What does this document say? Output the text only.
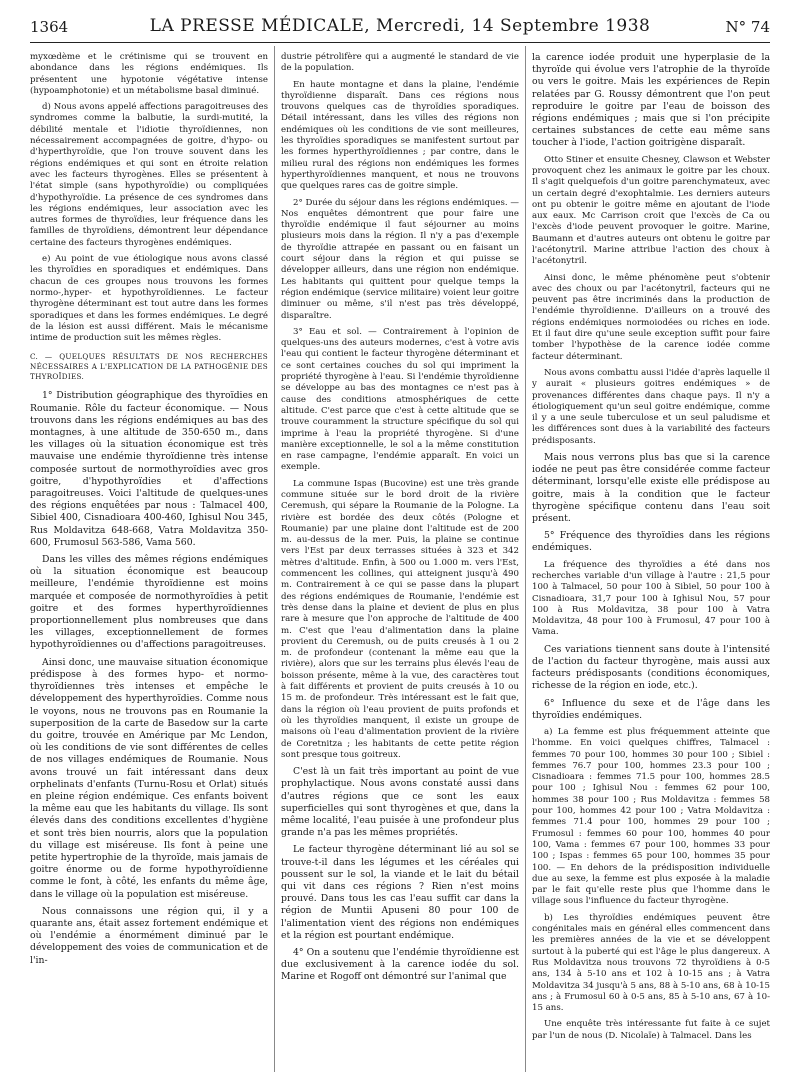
1364	LA PRESSE MÉDICALE, Mercredi, 14 Septembre 1938	N° 74

myxœdème et le crétinisme qui se trouvent en abondance dans les régions endémiques. Ils présentent une hypotonie végétative intense (hypoamphotonie) et un métabolisme basal diminué.

d) Nous avons appelé affections paragoitreuses des syndromes comme la balbutie, la surdi-mutité, la débilité mentale et l'idiotie thyroïdiennes, non nécessairement accompagnées de goitre, d'hypo- ou d'hyperthyroïdie, que l'on trouve souvent dans les régions endémiques et qui sont en étroite relation avec les facteurs thyrogènes. Elles se présentent à l'état simple (sans hypothyroïdie) ou compliquées d'hypothyroïdie. La présence de ces syndromes dans les régions endémiques, leur association avec les autres formes de thyroïdies, leur fréquence dans les familles de thyroïdiens, démontrent leur dépendance certaine des facteurs thyrogènes endémiques.

e) Au point de vue étiologique nous avons classé les thyroïdies en sporadiques et endémiques. Dans chacun de ces groupes nous trouvons les formes normo-,hyper- et hypothyroïdiennes. Le facteur thyrogène déterminant est tout autre dans les formes sporadiques et dans les formes endémiques. Le degré de la lésion est aussi différent. Mais le mécanisme intime de production suit les mêmes règles.

C. — QUELQUES RÉSULTATS DE NOS RECHERCHES NÉCESSAIRES A L'EXPLICATION DE LA PATHOGÉNIE DES THYROÏDIES.

1° Distribution géographique des thyroïdies en Roumanie. Rôle du facteur économique. — Nous trouvons dans les régions endémiques au bas des montagnes, à une altitude de 350-650 m., dans les villages où la situation économique est très mauvaise une endémie thyroïdienne très intense composée surtout de normothyroïdies avec gros goitre, d'hypothyroïdies et d'affections paragoitreuses. Voici l'altitude de quelques-unes des régions enquêtées par nous : Talmacel 400, Sibiel 400, Cisnadioara 400-460, Ighisul Nou 345, Rus Moldavitza 648-668, Vatra Moldavitza 350-600, Frumosul 563-586, Vama 560.

Dans les villes des mêmes régions endémiques où la situation économique est beaucoup meilleure, l'endémie thyroïdienne est moins marquée et composée de normothyroïdies à petit goitre et des formes hyperthyroïdiennes proportionnellement plus nombreuses que dans les villages, exceptionnellement de formes hypothyroïdiennes ou d'affections paragoitreuses.

Ainsi donc, une mauvaise situation économique prédispose à des formes hypo- et normo-thyroïdiennes très intenses et empêche le développement des hyperthyroïdies. Comme nous le voyons, nous ne trouvons pas en Roumanie la superposition de la carte de Basedow sur la carte du goitre, trouvée en Amérique par Mc Lendon, où les conditions de vie sont différentes de celles de nos villages endémiques de Roumanie. Nous avons trouvé un fait intéressant dans deux orphelinats d'enfants (Turnu-Rosu et Orlat) situés en pleine région endémique. Ces enfants boivent la même eau que les habitants du village. Ils sont élevés dans des conditions excellentes d'hygiène et sont très bien nourris, alors que la population du village est miséreuse. Ils font à peine une petite hypertrophie de la thyroïde, mais jamais de goitre énorme ou de forme hypothyroïdienne comme le font, à côté, les enfants du même âge, dans le village où la population est miséreuse.

Nous connaissons une région qui, il y a quarante ans, était assez fortement endémique et où l'endémie a énormément diminué par le développement des voies de communication et de l'in-

dustrie pétrolifère qui a augmenté le standard de vie de la population.

En haute montagne et dans la plaine, l'endémie thyroïdienne disparaît. Dans ces régions nous trouvons quelques cas de thyroïdies sporadiques. Détail intéressant, dans les villes des régions non endémiques où les conditions de vie sont meilleures, les thyroïdies sporadiques se manifestent surtout par les formes hyperthyroïdiennes ; par contre, dans le milieu rural des régions non endémiques les formes hyperthyroïdiennes manquent, et nous ne trouvons que quelques rares cas de goitre simple.

2° Durée du séjour dans les régions endémiques. — Nos enquêtes démontrent que pour faire une thyroïdie endémique il faut séjourner au moins plusieurs mois dans la région. Il n'y a pas d'exemple de thyroïdie attrapée en passant ou en faisant un court séjour dans la région et qui puisse se développer ailleurs, dans une région non endémique. Les habitants qui quittent pour quelque temps la région endémique (service militaire) voient leur goitre diminuer ou même, s'il n'est pas très développé, disparaître.

3° Eau et sol. — Contrairement à l'opinion de quelques-uns des auteurs modernes, c'est à votre avis l'eau qui contient le facteur thyrogène déterminant et ce sont certaines couches du sol qui impriment la propriété thyrogène à l'eau. Si l'endémie thyroïdienne se développe au bas des montagnes ce n'est pas à cause des conditions atmosphériques de cette altitude. C'est parce que c'est à cette altitude que se trouve couramment la structure spécifique du sol qui imprime à l'eau la propriété thyrogène. Si d'une manière exceptionnelle, le sol a la même constitution en rase campagne, l'endémie apparaît. En voici un exemple.

La commune Ispas (Bucovine) est une très grande commune située sur le bord droit de la rivière Ceremush, qui sépare la Roumanie de la Pologne. La rivière est bordée des deux côtés (Pologne et Roumanie) par une plaine dont l'altitude est de 200 m. au-dessus de la mer. Puis, la plaine se continue vers l'Est par deux terrasses situées à 323 et 342 mètres d'altitude. Enfin, à 500 ou 1.000 m. vers l'Est, commencent les collines, qui atteignent jusqu'à 490 m. Contrairement à ce qui se passe dans la plupart des régions endémiques de Roumanie, l'endémie est très dense dans la plaine et devient de plus en plus rare à mesure que l'on approche de l'altitude de 400 m. C'est que l'eau d'alimentation dans la plaine provient du Ceremush, ou de puits creusés à 1 ou 2 m. de profondeur (contenant la même eau que la rivière), alors que sur les terrains plus élevés l'eau de boisson présente, même à la vue, des caractères tout à fait différents et provient de puits creusés à 10 ou 15 m. de profondeur. Très intéressant est le fait que, dans la région où l'eau provient de puits profonds et où les thyroïdies manquent, il existe un groupe de maisons où l'eau d'alimentation provient de la rivière de Coretnitza ; les habitants de cette petite région sont presque tous goitreux.

C'est là un fait très important au point de vue prophylactique. Nous avons constaté aussi dans d'autres régions que ce sont les eaux superficielles qui sont thyrogènes et que, dans la même localité, l'eau puisée à une profondeur plus grande n'a pas les mêmes propriétés.

Le facteur thyrogène déterminant lié au sol se trouve-t-il dans les légumes et les céréales qui poussent sur le sol, la viande et le lait du bétail qui vit dans ces régions ? Rien n'est moins prouvé. Dans tous les cas l'eau suffit car dans la région de Muntii Apuseni 80 pour 100 de l'alimentation vient des régions non endémiques et la région est pourtant endémique.

4° On a soutenu que l'endémie thyroïdienne est due exclusivement à la carence iodée du sol. Marine et Rogoff ont démontré sur l'animal que

la carence iodée produit une hyperplasie de la thyroïde qui évolue vers l'atrophie de la thyroïde ou vers le goitre. Mais les expériences de Repin relatées par G. Roussy démontrent que l'on peut reproduire le goitre par l'eau de boisson des régions endémiques ; mais que si l'on précipite certaines substances de cette eau même sans toucher à l'iode, l'action goitrigène disparaît.

Otto Stiner et ensuite Chesney, Clawson et Webster provoquent chez les animaux le goitre par les choux. Il s'agit quelquefois d'un goitre parenchymateux, avec un certain degré d'exophtalmie. Les derniers auteurs ont pu obtenir le goitre même en ajoutant de l'iode aux eaux. Mc Carrison croit que l'excès de Ca ou l'excès d'iode peuvent provoquer le goitre. Marine, Baumann et d'autres auteurs ont obtenu le goitre par l'acétonytril. Marine attribue l'action des choux à l'acétonytril.

Ainsi donc, le même phénomène peut s'obtenir avec des choux ou par l'acétonytril, facteurs qui ne peuvent pas être incriminés dans la production de l'endémie thyroïdienne. D'ailleurs on a trouvé des régions endémiques normoiodées ou riches en iode. Et il faut dire qu'une seule exception suffit pour faire tomber l'hypothèse de la carence iodée comme facteur déterminant.

Nous avons combattu aussi l'idée d'après laquelle il y aurait « plusieurs goitres endémiques » de provenances différentes dans chaque pays. Il n'y a étiologiquement qu'un seul goitre endémique, comme il y a une seule tuberculose et un seul paludisme et les différences sont dues à la variabilité des facteurs prédisposants.

Mais nous verrons plus bas que si la carence iodée ne peut pas être considérée comme facteur déterminant, lorsqu'elle existe elle prédispose au goitre, mais à la condition que le facteur thyrogène spécifique contenu dans l'eau soit présent.

5° Fréquence des thyroïdies dans les régions endémiques.

La fréquence des thyroïdies a été dans nos recherches variable d'un village à l'autre : 21,5 pour 100 à Talmacel, 50 pour 100 à Sibiel, 50 pour 100 à Cisnadioara, 31,7 pour 100 à Ighisul Nou, 57 pour 100 à Rus Moldavitza, 38 pour 100 à Vatra Moldavitza, 48 pour 100 à Frumosul, 47 pour 100 à Vama.

Ces variations tiennent sans doute à l'intensité de l'action du facteur thyrogène, mais aussi aux facteurs prédisposants (conditions économiques, richesse de la région en iode, etc.).

6° Influence du sexe et de l'âge dans les thyroïdies endémiques.

a) La femme est plus fréquemment atteinte que l'homme. En voici quelques chiffres, Talmacel : femmes 70 pour 100, hommes 30 pour 100 ; Sibiel : femmes 76.7 pour 100, hommes 23.3 pour 100 ; Cisnadioara : femmes 71.5 pour 100, hommes 28.5 pour 100 ; Ighisul Nou : femmes 62 pour 100, hommes 38 pour 100 ; Rus Moldavitza : femmes 58 pour 100, hommes 42 pour 100 ; Vatra Moldavitza : femmes 71.4 pour 100, hommes 29 pour 100 ; Frumosul : femmes 60 pour 100, hommes 40 pour 100, Vama : femmes 67 pour 100, hommes 33 pour 100 ; Ispas : femmes 65 pour 100, hommes 35 pour 100. — En dehors de la prédisposition individuelle due au sexe, la femme est plus exposée à la maladie par le fait qu'elle reste plus que l'homme dans le village sous l'influence du facteur thyrogène.

b) Les thyroïdies endémiques peuvent être congénitales mais en général elles commencent dans les premières années de la vie et se développent surtout à la puberté qui est l'âge le plus dangereux. A Rus Moldavitza nous trouvons 72 thyroïdiens à 0-5 ans, 134 à 5-10 ans et 102 à 10-15 ans ; à Vatra Moldavitza 34 jusqu'à 5 ans, 88 à 5-10 ans, 68 à 10-15 ans ; à Frumosul 60 à 0-5 ans, 85 à 5-10 ans, 67 à 10-15 ans.

Une enquête très intéressante fut faite à ce sujet par l'un de nous (D. Nicolaïe) à Talmacel. Dans les
